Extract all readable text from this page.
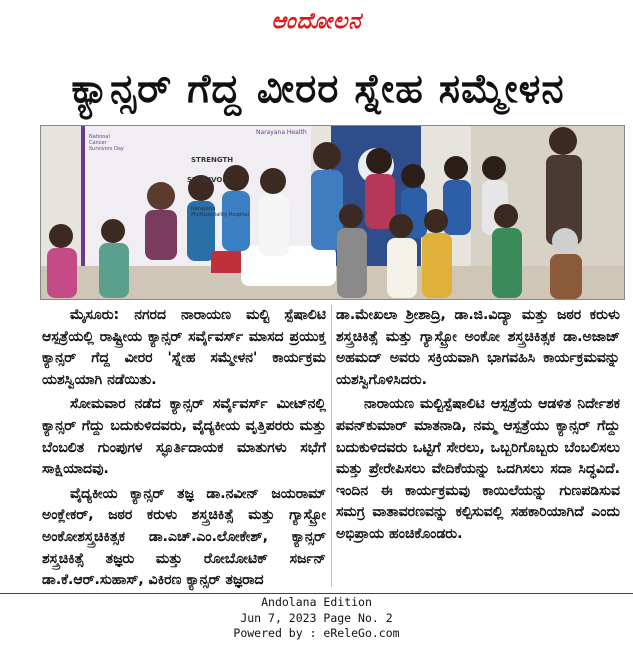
ಆಂದೋಲನ
ಕ್ಯಾನ್ಸರ್ ಗೆದ್ದ ವೀರರ ಸ್ನೇಹ ಸಮ್ಮೇಳನ
National Cancer Survivors Day
Narayana Health
STRENGTH
SURVIVOR
Narayana Multispeciality Hospital

ಮೈಸೂರು: ನಗರದ ನಾರಾಯಣ ಮಲ್ಟಿ ಸ್ಪೆಷಾಲಿಟಿ ಆಸ್ಪತ್ರೆಯಲ್ಲಿ ರಾಷ್ಟ್ರೀಯ ಕ್ಯಾನ್ಸರ್ ಸರ್ವೈವರ್ಸ್ ಮಾಸದ ಪ್ರಯುಕ್ತ ಕ್ಯಾನ್ಸರ್ ಗೆದ್ದ ವೀರರ 'ಸ್ನೇಹ ಸಮ್ಮೇಳನ' ಕಾರ್ಯಕ್ರಮ ಯಶಸ್ವಿಯಾಗಿ ನಡೆಯಿತು.

ಸೋಮವಾರ ನಡೆದ ಕ್ಯಾನ್ಸರ್ ಸರ್ವೈವರ್ಸ್ ಮೀಟ್‌ನಲ್ಲಿ ಕ್ಯಾನ್ಸರ್ ಗೆದ್ದು ಬದುಕುಳಿದವರು, ವೈದ್ಯಕೀಯ ವೃತ್ತಿಪರರು ಮತ್ತು ಬೆಂಬಲಿತ ಗುಂಪುಗಳ ಸ್ಫೂರ್ತಿದಾಯಕ ಮಾತುಗಳು ಸಭೆಗೆ ಸಾಕ್ಷಿಯಾದವು.

ವೈದ್ಯಕೀಯ ಕ್ಯಾನ್ಸರ್ ತಜ್ಞ ಡಾ.ನವೀನ್ ಜಯರಾಮ್ ಅಂಕ್ಲೇಕರ್, ಜಠರ ಕರುಳು ಶಸ್ತ್ರಚಿಕಿತ್ಸೆ ಮತ್ತು ಗ್ಯಾಸ್ಟ್ರೋ ಅಂಕೋಶಸ್ತ್ರಚಿಕಿತ್ಸಕ ಡಾ.ಎಚ್.ಎಂ.ಲೋಕೇಶ್, ಕ್ಯಾನ್ಸರ್ ಶಸ್ತ್ರಚಿಕಿತ್ಸೆ ತಜ್ಞರು ಮತ್ತು ರೋಬೋಟಿಕ್ ಸರ್ಜನ್ ಡಾ.ಕೆ.ಆರ್.ಸುಹಾಸ್, ವಿಕಿರಣ ಕ್ಯಾನ್ಸರ್ ತಜ್ಞರಾದ

ಡಾ.ಮೇಖಲಾ ಶ್ರೀಶಾದ್ರಿ, ಡಾ.ಜಿ.ವಿದ್ಯಾ ಮತ್ತು ಜಠರ ಕರುಳು ಶಸ್ತ್ರಚಿಕಿತ್ಸೆ ಮತ್ತು ಗ್ಯಾಸ್ಟ್ರೋ ಅಂಕೋ ಶಸ್ತ್ರಚಿಕಿತ್ಸಕ ಡಾ.ಅಜಾಜ್ ಅಹಮದ್ ಅವರು ಸಕ್ರಿಯವಾಗಿ ಭಾಗವಹಿಸಿ ಕಾರ್ಯಕ್ರಮವನ್ನು ಯಶಸ್ವಿಗೊಳಿಸಿದರು.

ನಾರಾಯಣ ಮಲ್ಟಿಸ್ಪೆಷಾಲಿಟಿ ಆಸ್ಪತ್ರೆಯ ಆಡಳಿತ ನಿರ್ದೇಶಕ ಪವನ್‌ಕುಮಾರ್ ಮಾತನಾಡಿ, ನಮ್ಮ ಆಸ್ಪತ್ರೆಯು ಕ್ಯಾನ್ಸರ್ ಗೆದ್ದು ಬದುಕುಳಿದವರು ಒಟ್ಟಿಗೆ ಸೇರಲು, ಒಬ್ಬರಿಗೊಬ್ಬರು ಬೆಂಬಲಿಸಲು ಮತ್ತು ಪ್ರೇರೇಪಿಸಲು ವೇದಿಕೆಯನ್ನು ಒದಗಿಸಲು ಸದಾ ಸಿದ್ಧವಿದೆ. ಇಂದಿನ ಈ ಕಾರ್ಯಕ್ರಮವು ಕಾಯಿಲೆಯನ್ನು ಗುಣಪಡಿಸುವ ಸಮಗ್ರ ವಾತಾವರಣವನ್ನು ಕಲ್ಪಿಸುವಲ್ಲಿ ಸಹಕಾರಿಯಾಗಿದೆ ಎಂದು ಅಭಿಪ್ರಾಯ ಹಂಚಿಕೊಂಡರು.

Andolana Edition
Jun 7, 2023 Page No. 2
Powered by : eReleGo.com
